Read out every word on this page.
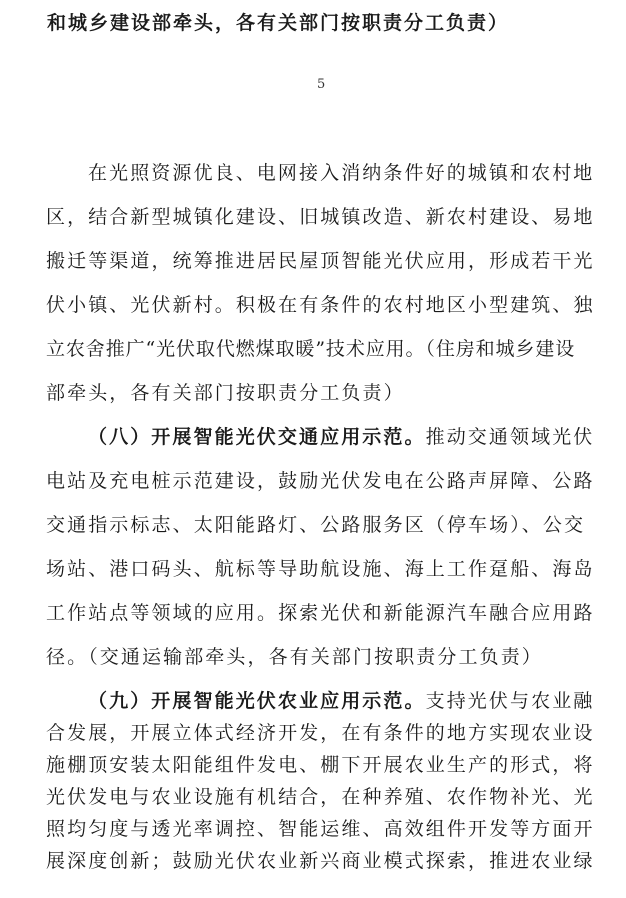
和城乡建设部牵头，各有关部门按职责分工负责）
5
在光照资源优良、电网接入消纳条件好的城镇和农村地
区，结合新型城镇化建设、旧城镇改造、新农村建设、易地
搬迁等渠道，统筹推进居民屋顶智能光伏应用，形成若干光
伏小镇、光伏新村。积极在有条件的农村地区小型建筑、独
立农舍推广“光伏取代燃煤取暖”技术应用。（住房和城乡建设
部牵头，各有关部门按职责分工负责）
（八）开展智能光伏交通应用示范。推动交通领域光伏
电站及充电桩示范建设，鼓励光伏发电在公路声屏障、公路
交通指示标志、太阳能路灯、公路服务区（停车场）、公交
场站、港口码头、航标等导助航设施、海上工作趸船、海岛
工作站点等领域的应用。探索光伏和新能源汽车融合应用路
径。（交通运输部牵头，各有关部门按职责分工负责）
（九）开展智能光伏农业应用示范。支持光伏与农业融
合发展，开展立体式经济开发，在有条件的地方实现农业设
施棚顶安装太阳能组件发电、棚下开展农业生产的形式，将
光伏发电与农业设施有机结合，在种养殖、农作物补光、光
照均匀度与透光率调控、智能运维、高效组件开发等方面开
展深度创新；鼓励光伏农业新兴商业模式探索，推进农业绿
